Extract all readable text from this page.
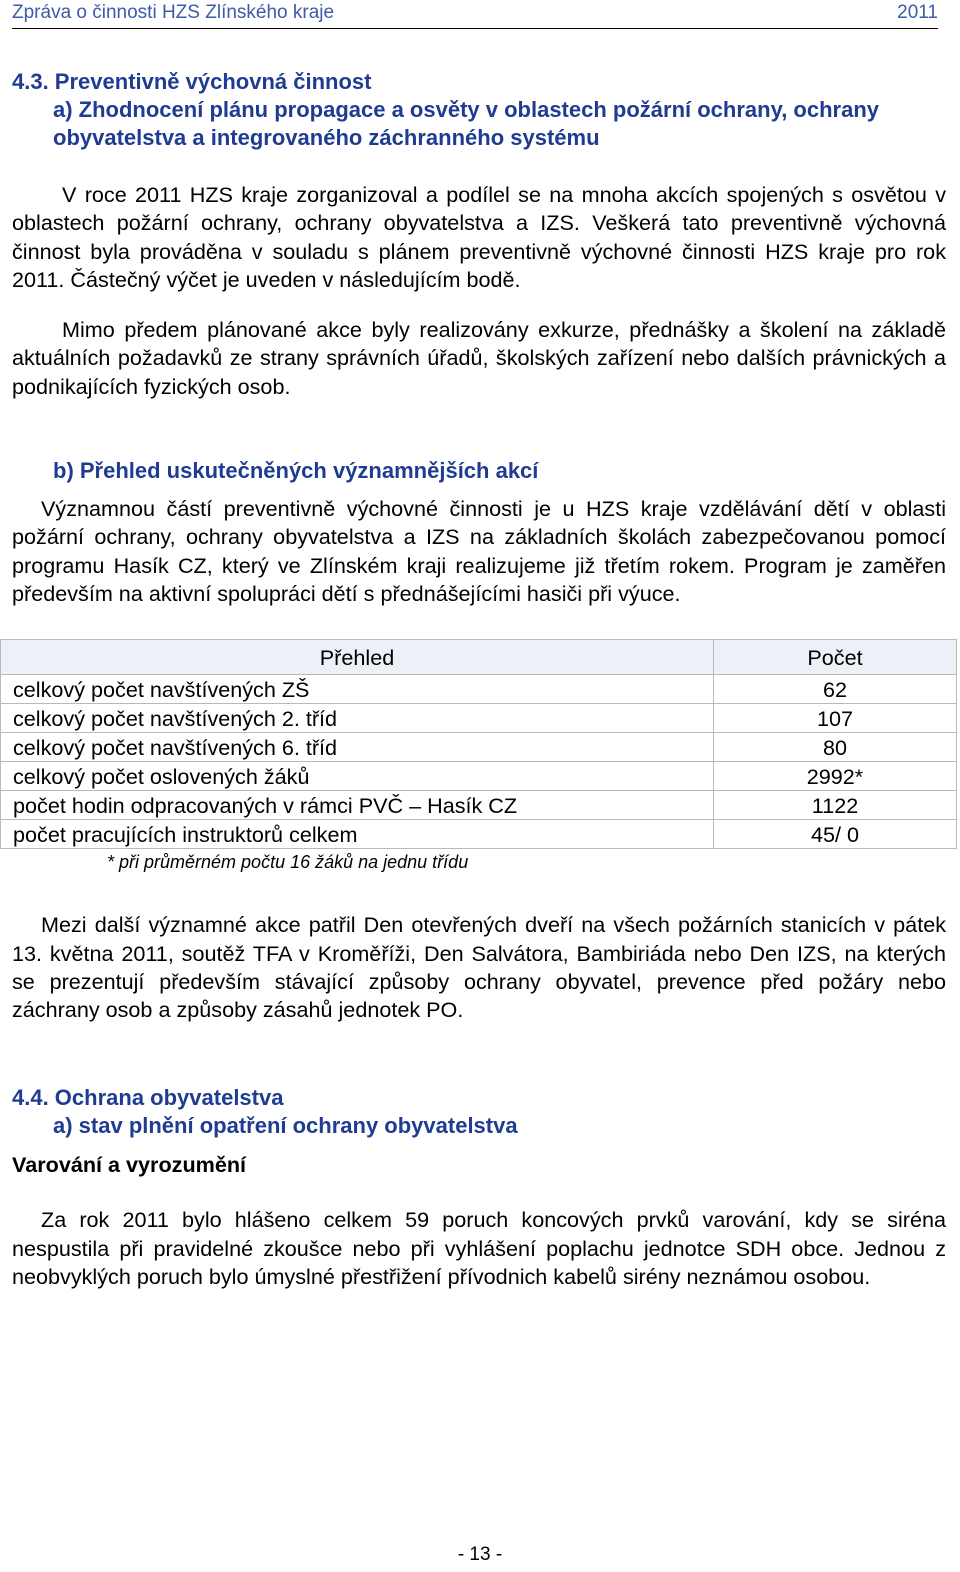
Zpráva o činnosti HZS Zlínského kraje	2011
4.3. Preventivně výchovná činnost
a) Zhodnocení plánu propagace a osvěty v oblastech požární ochrany, ochrany obyvatelstva a integrovaného záchranného systému

V roce 2011 HZS kraje zorganizoval a podílel se na mnoha akcích spojených s osvětou v oblastech požární ochrany, ochrany obyvatelstva a IZS. Veškerá tato preventivně výchovná činnost byla prováděna v souladu s plánem preventivně výchovné činnosti HZS kraje pro rok 2011. Částečný výčet je uveden v následujícím bodě.

Mimo předem plánované akce byly realizovány exkurze, přednášky a školení na základě aktuálních požadavků ze strany správních úřadů, školských zařízení nebo dalších právnických a podnikajících fyzických osob.

b) Přehled uskutečněných významnějších akcí

Významnou částí preventivně výchovné činnosti je u HZS kraje vzdělávání dětí v oblasti požární ochrany, ochrany obyvatelstva a IZS na základních školách zabezpečovanou pomocí programu Hasík CZ, který ve Zlínském kraji realizujeme již třetím rokem. Program je zaměřen především na aktivní spolupráci dětí s přednášejícími hasiči při výuce.

Přehled	Počet
celkový počet navštívených ZŠ	62
celkový počet navštívených 2. tříd	107
celkový počet navštívených 6. tříd	80
celkový počet oslovených žáků	2992*
počet hodin odpracovaných v rámci PVČ – Hasík CZ	1122
počet pracujících instruktorů celkem	45/ 0
* při průměrném počtu 16 žáků na jednu třídu

Mezi další významné akce patřil Den otevřených dveří na všech požárních stanicích v pátek 13. května 2011, soutěž TFA v Kroměříži, Den Salvátora, Bambiriáda nebo Den IZS, na kterých se prezentují především stávající způsoby ochrany obyvatel, prevence před požáry nebo záchrany osob a způsoby zásahů jednotek PO.

4.4. Ochrana obyvatelstva
a) stav plnění opatření ochrany obyvatelstva
Varování a vyrozumění

Za rok 2011 bylo hlášeno celkem 59 poruch koncových prvků varování, kdy se siréna nespustila při pravidelné zkoušce nebo při vyhlášení poplachu jednotce SDH obce. Jednou z neobvyklých poruch bylo úmyslné přestřižení přívodnich kabelů sirény neznámou osobou.

- 13 -
